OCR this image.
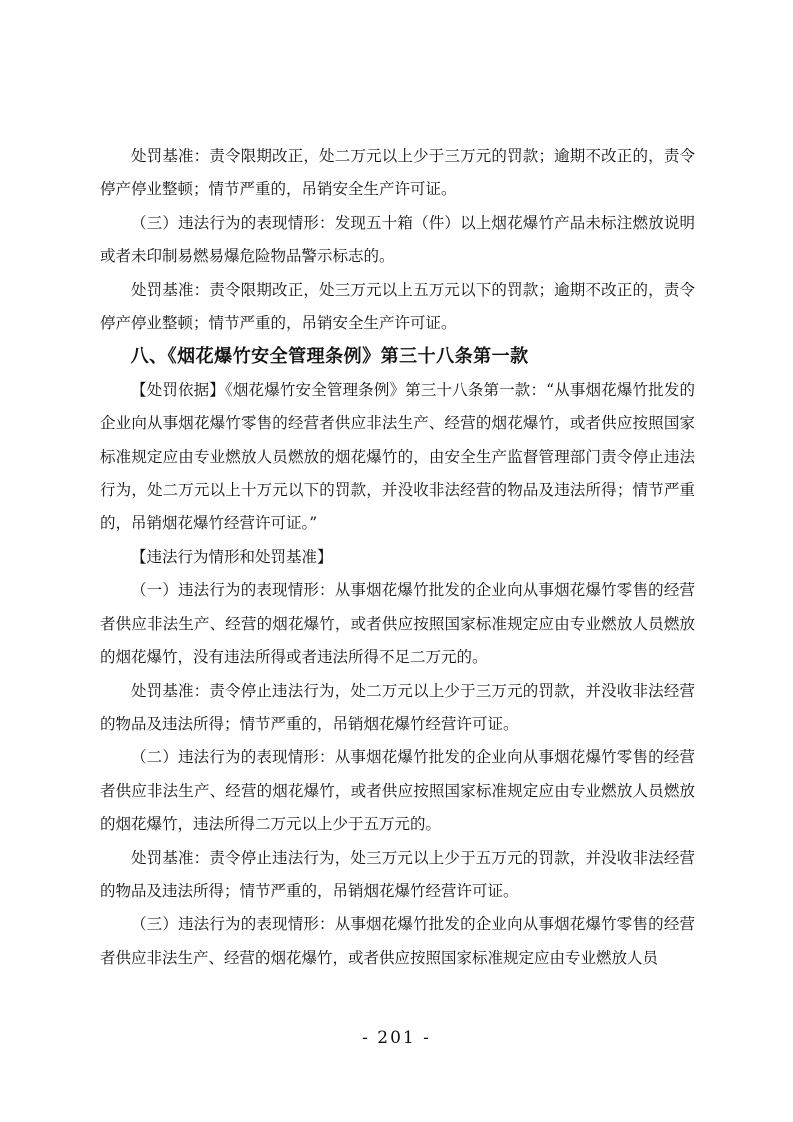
处罚基准：责令限期改正，处二万元以上少于三万元的罚款；逾期不改正的，责令停产停业整顿；情节严重的，吊销安全生产许可证。

（三）违法行为的表现情形：发现五十箱（件）以上烟花爆竹产品未标注燃放说明或者未印制易燃易爆危险物品警示标志的。

处罚基准：责令限期改正，处三万元以上五万元以下的罚款；逾期不改正的，责令停产停业整顿；情节严重的，吊销安全生产许可证。

八、《烟花爆竹安全管理条例》第三十八条第一款

【处罚依据】《烟花爆竹安全管理条例》第三十八条第一款：“从事烟花爆竹批发的企业向从事烟花爆竹零售的经营者供应非法生产、经营的烟花爆竹，或者供应按照国家标准规定应由专业燃放人员燃放的烟花爆竹的，由安全生产监督管理部门责令停止违法行为，处二万元以上十万元以下的罚款，并没收非法经营的物品及违法所得；情节严重的，吊销烟花爆竹经营许可证。”

【违法行为情形和处罚基准】

（一）违法行为的表现情形：从事烟花爆竹批发的企业向从事烟花爆竹零售的经营者供应非法生产、经营的烟花爆竹，或者供应按照国家标准规定应由专业燃放人员燃放的烟花爆竹，没有违法所得或者违法所得不足二万元的。

处罚基准：责令停止违法行为，处二万元以上少于三万元的罚款，并没收非法经营的物品及违法所得；情节严重的，吊销烟花爆竹经营许可证。

（二）违法行为的表现情形：从事烟花爆竹批发的企业向从事烟花爆竹零售的经营者供应非法生产、经营的烟花爆竹，或者供应按照国家标准规定应由专业燃放人员燃放的烟花爆竹，违法所得二万元以上少于五万元的。

处罚基准：责令停止违法行为，处三万元以上少于五万元的罚款，并没收非法经营的物品及违法所得；情节严重的，吊销烟花爆竹经营许可证。

（三）违法行为的表现情形：从事烟花爆竹批发的企业向从事烟花爆竹零售的经营者供应非法生产、经营的烟花爆竹，或者供应按照国家标准规定应由专业燃放人员

- 201 -
